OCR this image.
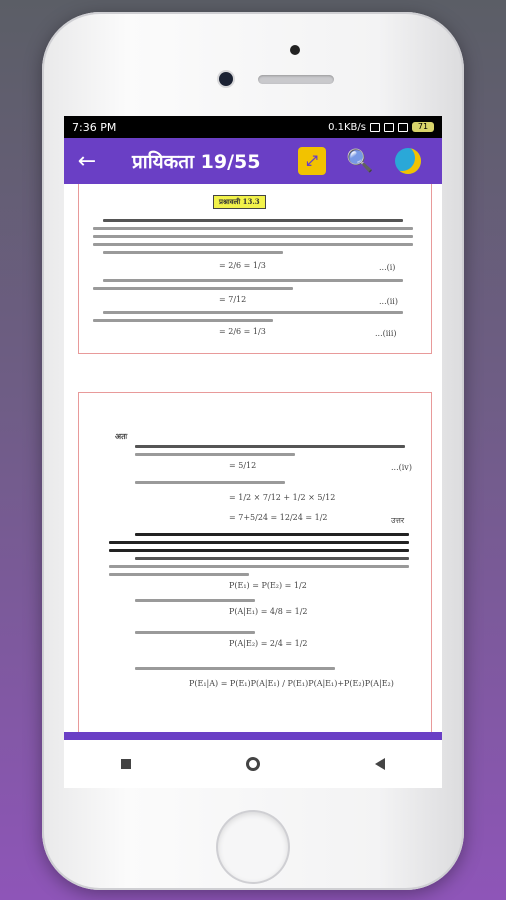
7:36 PM	0.1KB/s	71
←	प्रायिकता 19/55	⤢	🔍
प्रश्नावली 13.3
= 2/6 = 1/3	...(i)
= 7/12	...(ii)
= 2/6 = 1/3	...(iii)
अतः
= 5/12	...(iv)
= 1/2 × 7/12 + 1/2 × 5/12
= 7+5/24 = 12/24 = 1/2	उत्तर
P(E₁) = P(E₂) = 1/2
P(A|E₁) = 4/8 = 1/2
P(A|E₂) = 2/4 = 1/2
P(E₁|A) = P(E₁)P(A|E₁) / P(E₁)P(A|E₁)+P(E₂)P(A|E₂)
